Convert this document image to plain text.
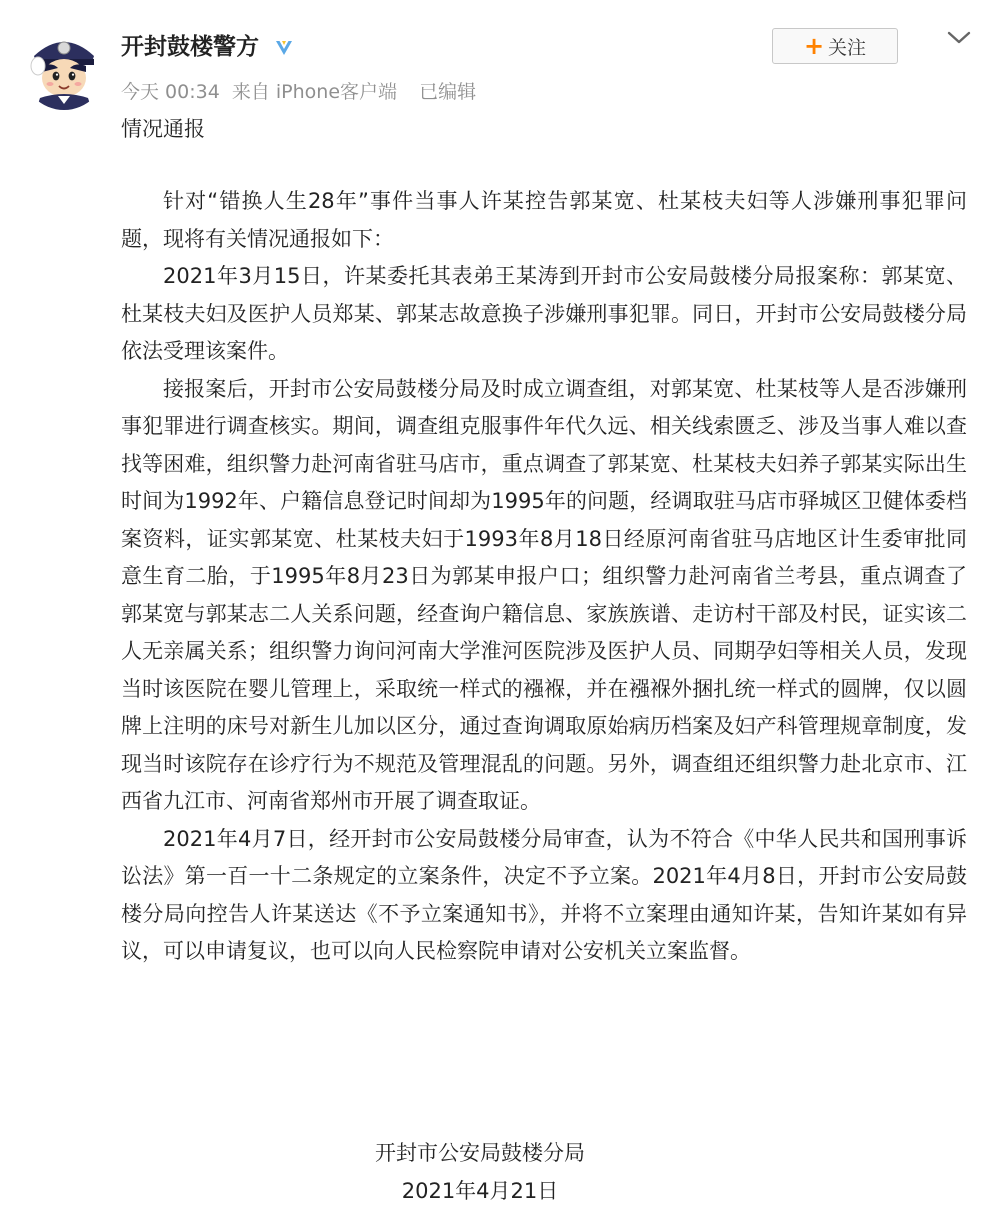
开封鼓楼警方
今天 00:34 来自 iPhone客户端 已编辑
+ 关注
情况通报

针对“错换人生28年”事件当事人许某控告郭某宽、杜某枝夫妇等人涉嫌刑事犯罪问题，现将有关情况通报如下：

2021年3月15日，许某委托其表弟王某涛到开封市公安局鼓楼分局报案称：郭某宽、杜某枝夫妇及医护人员郑某、郭某志故意换子涉嫌刑事犯罪。同日，开封市公安局鼓楼分局依法受理该案件。

接报案后，开封市公安局鼓楼分局及时成立调查组，对郭某宽、杜某枝等人是否涉嫌刑事犯罪进行调查核实。期间，调查组克服事件年代久远、相关线索匮乏、涉及当事人难以查找等困难，组织警力赴河南省驻马店市，重点调查了郭某宽、杜某枝夫妇养子郭某实际出生时间为1992年、户籍信息登记时间却为1995年的问题，经调取驻马店市驿城区卫健体委档案资料，证实郭某宽、杜某枝夫妇于1993年8月18日经原河南省驻马店地区计生委审批同意生育二胎，于1995年8月23日为郭某申报户口；组织警力赴河南省兰考县，重点调查了郭某宽与郭某志二人关系问题，经查询户籍信息、家族族谱、走访村干部及村民，证实该二人无亲属关系；组织警力询问河南大学淮河医院涉及医护人员、同期孕妇等相关人员，发现当时该医院在婴儿管理上，采取统一样式的襁褓，并在襁褓外捆扎统一样式的圆牌，仅以圆牌上注明的床号对新生儿加以区分，通过查询调取原始病历档案及妇产科管理规章制度，发现当时该院存在诊疗行为不规范及管理混乱的问题。另外，调查组还组织警力赴北京市、江西省九江市、河南省郑州市开展了调查取证。

2021年4月7日，经开封市公安局鼓楼分局审查，认为不符合《中华人民共和国刑事诉讼法》第一百一十二条规定的立案条件，决定不予立案。2021年4月8日，开封市公安局鼓楼分局向控告人许某送达《不予立案通知书》，并将不立案理由通知许某，告知许某如有异议，可以申请复议，也可以向人民检察院申请对公安机关立案监督。

开封市公安局鼓楼分局
2021年4月21日
